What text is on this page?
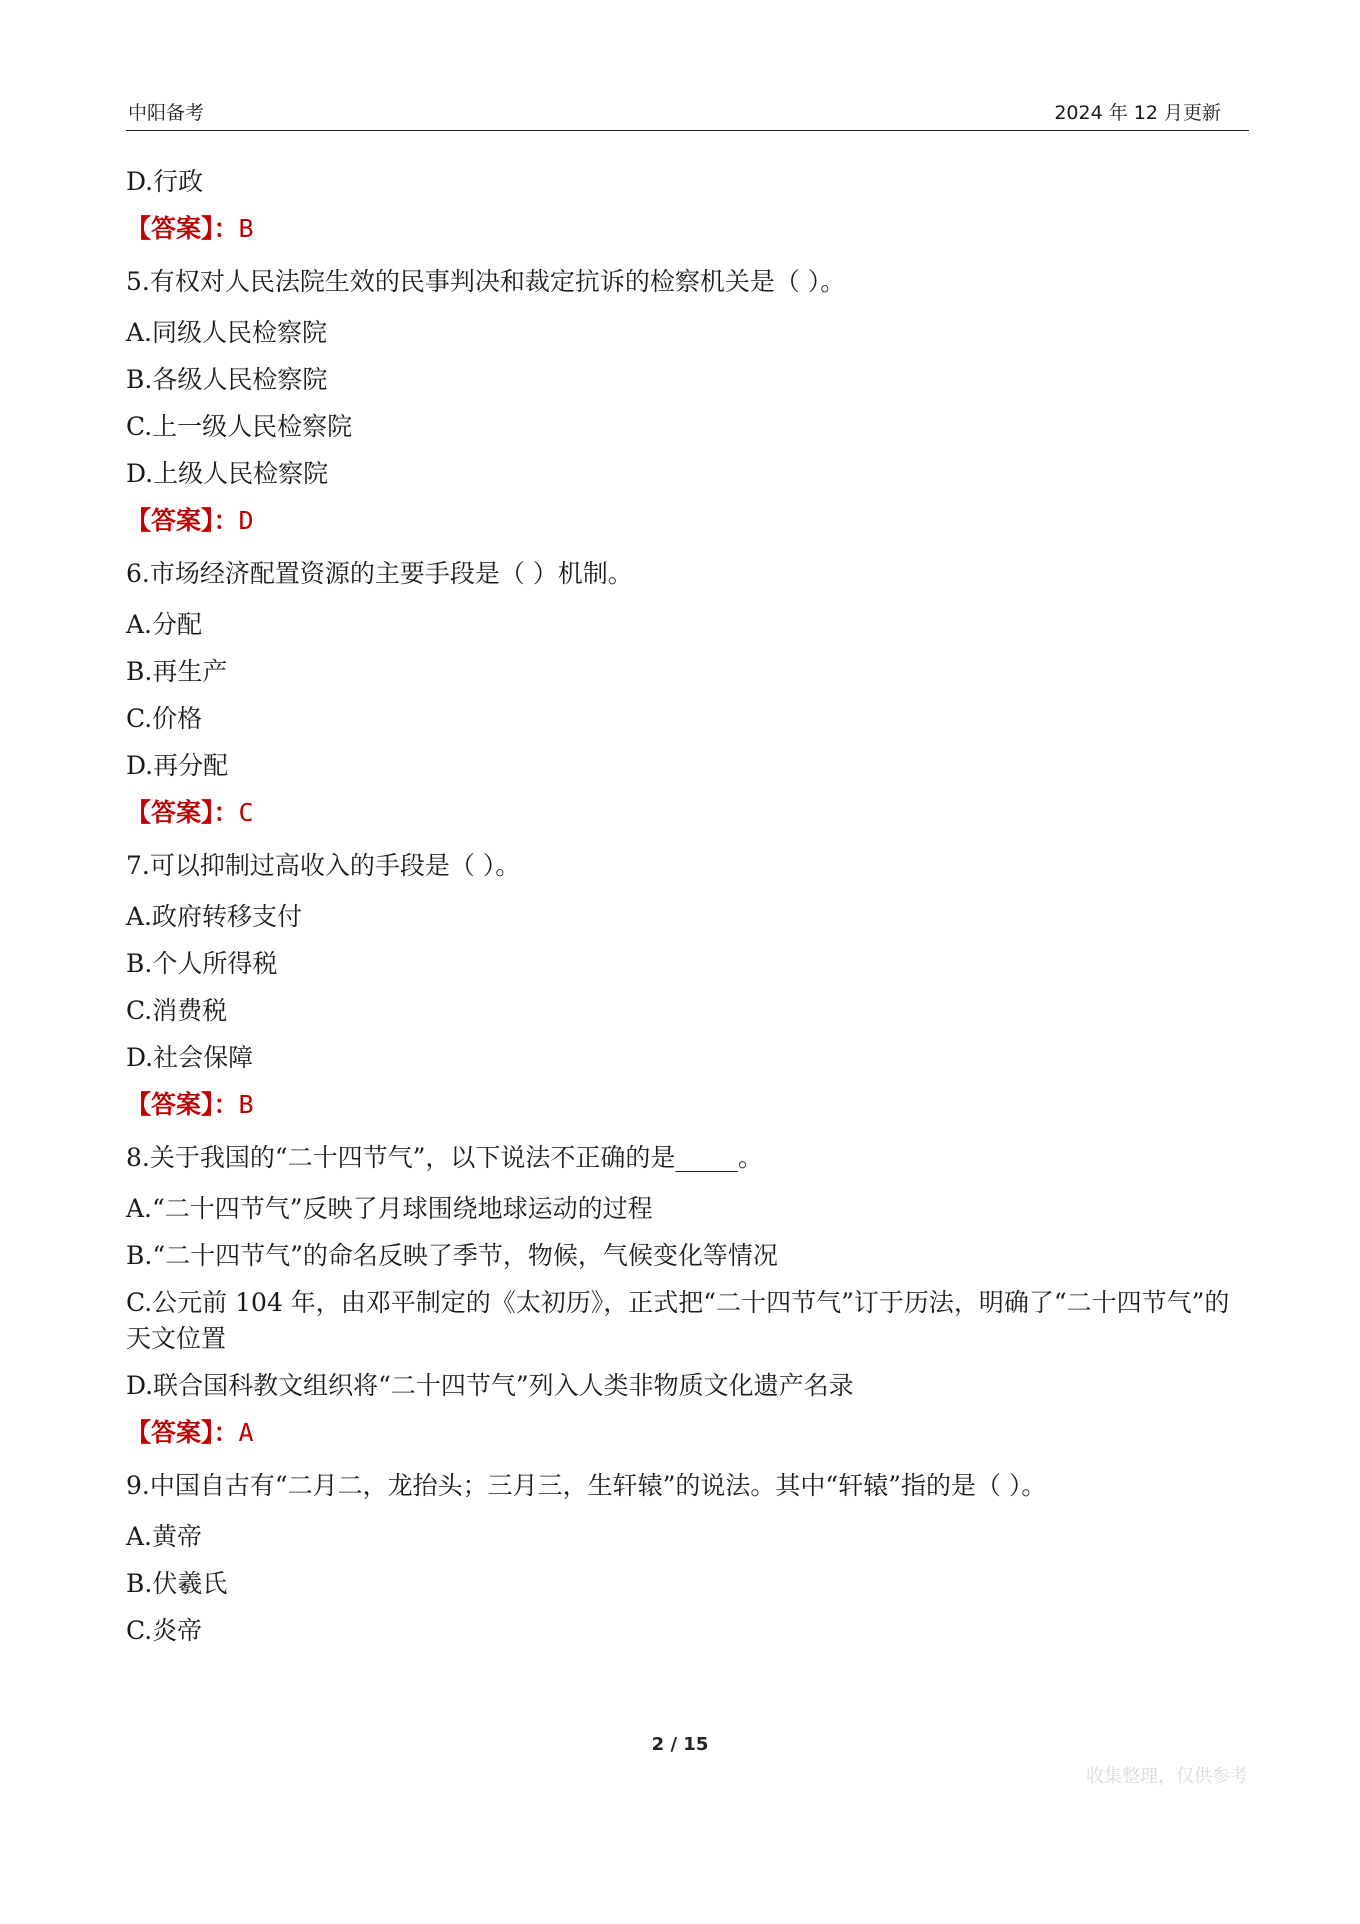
中阳备考	2024 年 12 月更新
D.行政
【答案】：B
5.有权对人民法院生效的民事判决和裁定抗诉的检察机关是（ ）。
A.同级人民检察院
B.各级人民检察院
C.上一级人民检察院
D.上级人民检察院
【答案】：D
6.市场经济配置资源的主要手段是（ ）机制。
A.分配
B.再生产
C.价格
D.再分配
【答案】：C
7.可以抑制过高收入的手段是（ ）。
A.政府转移支付
B.个人所得税
C.消费税
D.社会保障
【答案】：B
8.关于我国的“二十四节气”，以下说法不正确的是_____。
A.“二十四节气”反映了月球围绕地球运动的过程
B.“二十四节气”的命名反映了季节，物候，气候变化等情况
C.公元前 104 年，由邓平制定的《太初历》，正式把“二十四节气”订于历法，明确了“二十四节气”的天文位置
D.联合国科教文组织将“二十四节气”列入人类非物质文化遗产名录
【答案】：A
9.中国自古有“二月二，龙抬头；三月三，生轩辕”的说法。其中“轩辕”指的是（ ）。
A.黄帝
B.伏羲氏
C.炎帝
2 / 15
收集整理，仅供参考
